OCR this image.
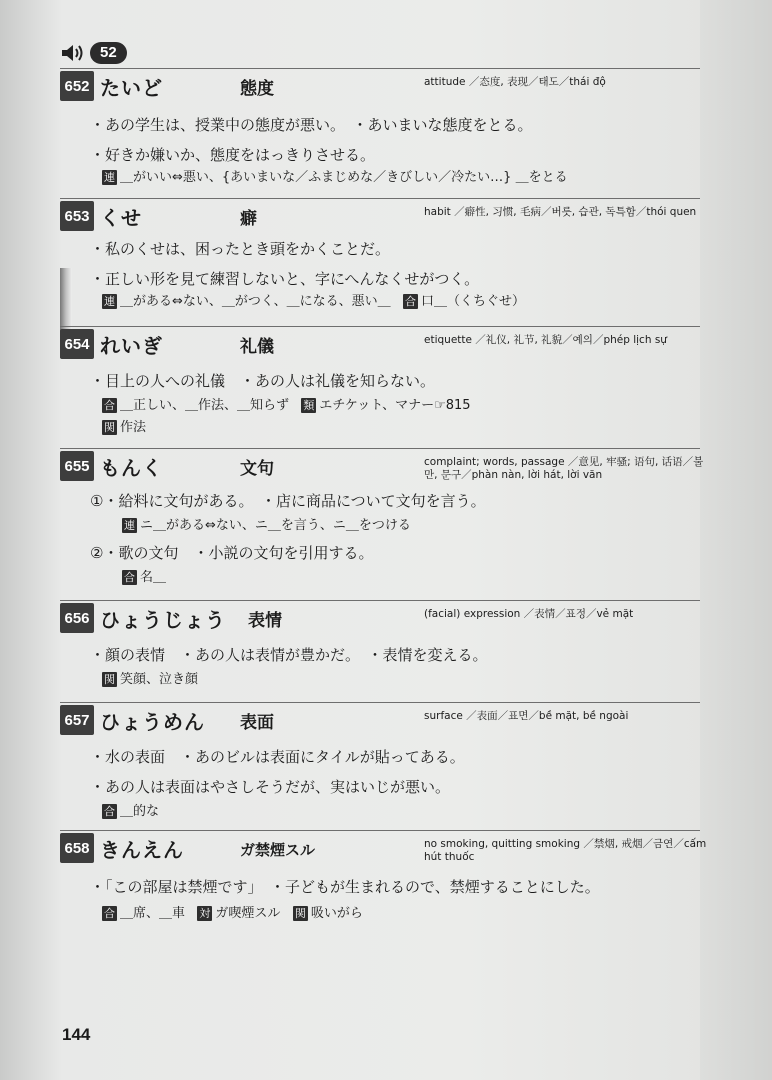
52
652 たいど	態度	attitude ／态度, 表现／태도／thái độ
・あの学生は、授業中の態度が悪い。　・あいまいな態度をとる。
・好きか嫌いか、態度をはっきりさせる。
連 ＿がいい⇔悪い、{あいまいな／ふまじめな／きびしい／冷たい…} ＿をとる
653 くせ	癖	habit ／癖性, 习惯, 毛病／버릇, 습관, 독특함／thói quen
・私のくせは、困ったとき頭をかくことだ。
・正しい形を見て練習しないと、字にへんなくせがつく。
連 ＿がある⇔ない、＿がつく、＿になる、悪い＿ 合 口＿（くちぐせ）
654 れいぎ	礼儀	etiquette ／礼仪, 礼节, 礼貌／예의／phép lịch sự
・目上の人への礼儀　・あの人は礼儀を知らない。
合 ＿正しい、＿作法、＿知らず 類 エチケット、マナー☞815
関 作法
655 もんく	文句	complaint; words, passage ／意见, 牢骚; 语句, 话语／불만, 문구／phàn nàn, lời hát, lời văn
①・給料に文句がある。　・店に商品について文句を言う。
連 ニ＿がある⇔ない、ニ＿を言う、ニ＿をつける
②・歌の文句　・小説の文句を引用する。
合 名＿
656 ひょうじょう 表情	(facial) expression ／表情／표정／vẻ mặt
・顔の表情　・あの人は表情が豊かだ。　・表情を変える。
関 笑顔、泣き顔
657 ひょうめん 表面	surface ／表面／표면／bề mặt, bề ngoài
・水の表面　・あのビルは表面にタイルが貼ってある。
・あの人は表面はやさしそうだが、実はいじが悪い。
合 ＿的な
658 きんえん	ガ禁煙スル	no smoking, quitting smoking ／禁烟, 戒烟／금연／cấm hút thuốc
・「この部屋は禁煙です」　・子どもが生まれるので、禁煙することにした。
合 ＿席、＿車 対 ガ喫煙スル 関 吸いがら
144
